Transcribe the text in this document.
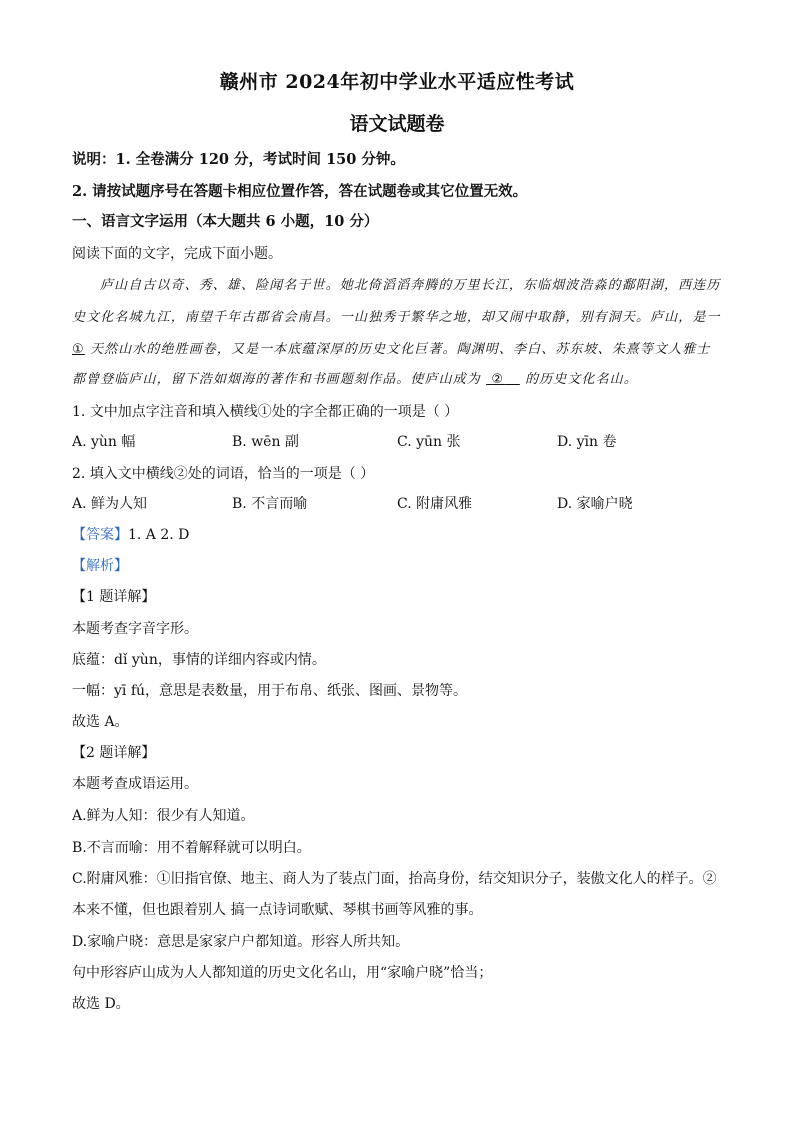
赣州市 2024年初中学业水平适应性考试
语文试题卷
说明：1. 全卷满分 120 分，考试时间 150 分钟。
2. 请按试题序号在答题卡相应位置作答，答在试题卷或其它位置无效。
一、语言文字运用（本大题共 6 小题，10 分）
阅读下面的文字，完成下面小题。
庐山自古以奇、秀、雄、险闻名于世。她北倚滔滔奔腾的万里长江，东临烟波浩淼的鄱阳湖，西连历
史文化名城九江，南望千年古郡省会南昌。一山独秀于繁华之地，却又闹中取静，别有洞天。庐山，是一
① 天然山水的绝胜画卷，又是一本底蕴深厚的历史文化巨著。陶渊明、李白、苏东坡、朱熹等文人雅士
都曾登临庐山，留下浩如烟海的著作和书画题刻作品。使庐山成为 ② 的历史文化名山。
1. 文中加点字注音和填入横线①处的字全都正确的一项是（ ）
A. yùn 幅	B. wēn 副	C. yūn 张	D. yīn 卷
2. 填入文中横线②处的词语，恰当的一项是（ ）
A. 鲜为人知	B. 不言而喻	C. 附庸风雅	D. 家喻户晓
【答案】1. A 2. D
【解析】
【1 题详解】
本题考查字音字形。
底蕴：dǐ yùn，事情的详细内容或内情。
一幅：yī fú，意思是表数量，用于布帛、纸张、图画、景物等。
故选 A。
【2 题详解】
本题考查成语运用。
A.鲜为人知：很少有人知道。
B.不言而喻：用不着解释就可以明白。
C.附庸风雅：①旧指官僚、地主、商人为了装点门面，抬高身份，结交知识分子，装傲文化人的样子。②
本来不懂，但也跟着别人 搞一点诗词歌赋、琴棋书画等风雅的事。
D.家喻户晓：意思是家家户户都知道。形容人所共知。
句中形容庐山成为人人都知道的历史文化名山，用“家喻户晓”恰当；
故选 D。
